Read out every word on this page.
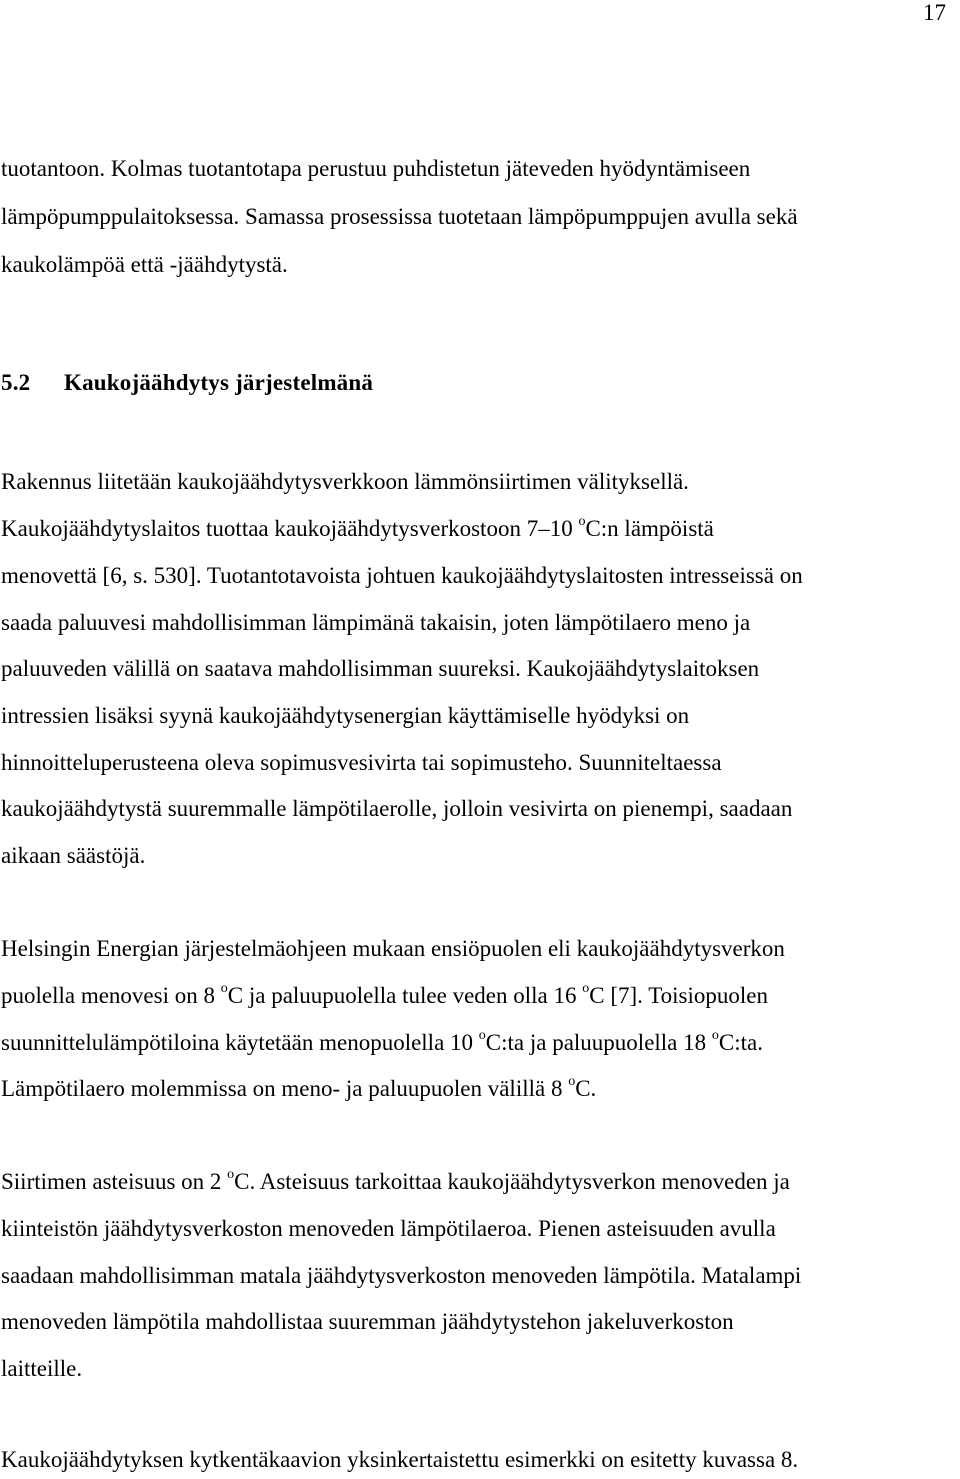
17

tuotantoon. Kolmas tuotantotapa perustuu puhdistetun jäteveden hyödyntämiseen

lämpöpumppulaitoksessa. Samassa prosessissa tuotetaan lämpöpumppujen avulla sekä

kaukolämpöä että -jäähdytystä.

5.2 Kaukojäähdytys järjestelmänä

Rakennus liitetään kaukojäähdytysverkkoon lämmönsiirtimen välityksellä.

Kaukojäähdytyslaitos tuottaa kaukojäähdytysverkostoon 7–10 $^o$C:n lämpöistä

menovettä [6, s. 530]. Tuotantotavoista johtuen kaukojäähdytyslaitosten intresseissä on

saada paluuvesi mahdollisimman lämpimänä takaisin, joten lämpötilaero meno ja

paluuveden välillä on saatava mahdollisimman suureksi. Kaukojäähdytyslaitoksen

intressien lisäksi syynä kaukojäähdytysenergian käyttämiselle hyödyksi on

hinnoitteluperusteena oleva sopimusvesivirta tai sopimusteho. Suunniteltaessa

kaukojäähdytystä suuremmalle lämpötilaerolle, jolloin vesivirta on pienempi, saadaan

aikaan säästöjä.

Helsingin Energian järjestelmäohjeen mukaan ensiöpuolen eli kaukojäähdytysverkon

puolella menovesi on 8 $^o$C ja paluupuolella tulee veden olla 16 $^o$C [7]. Toisiopuolen

suunnittelulämpötiloina käytetään menopuolella 10 $^o$C:ta ja paluupuolella 18 $^o$C:ta.

Lämpötilaero molemmissa on meno- ja paluupuolen välillä 8 $^o$C.

Siirtimen asteisuus on 2 $^o$C. Asteisuus tarkoittaa kaukojäähdytysverkon menoveden ja

kiinteistön jäähdytysverkoston menoveden lämpötilaeroa. Pienen asteisuuden avulla

saadaan mahdollisimman matala jäähdytysverkoston menoveden lämpötila. Matalampi

menoveden lämpötila mahdollistaa suuremman jäähdytystehon jakeluverkoston

laitteille.

Kaukojäähdytyksen kytkentäkaavion yksinkertaistettu esimerkki on esitetty kuvassa 8.
